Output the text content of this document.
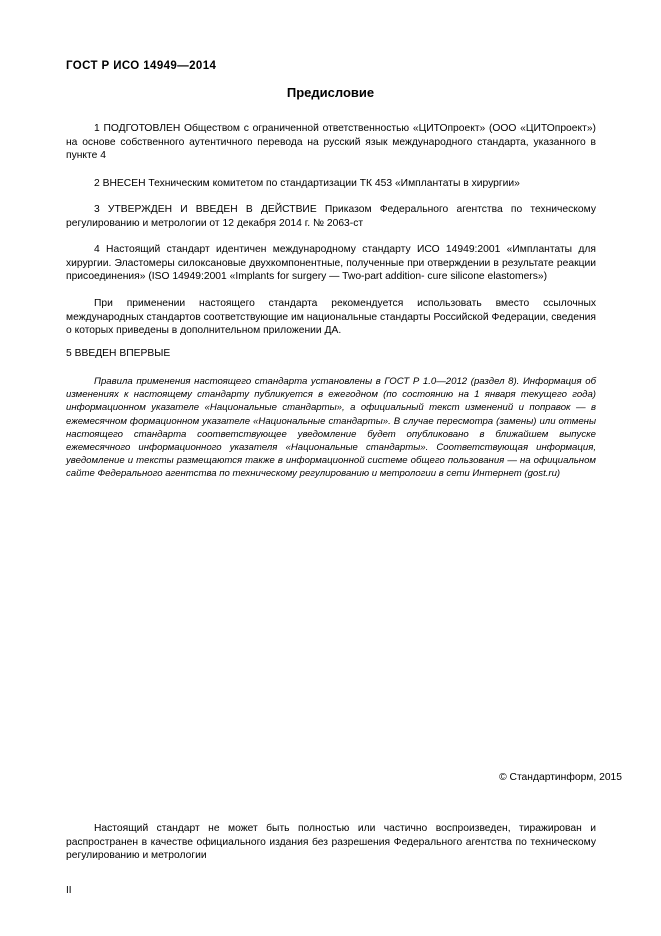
ГОСТ Р ИСО 14949—2014
Предисловие

1 ПОДГОТОВЛЕН Обществом с ограниченной ответственностью «ЦИТОпроект» (ООО «ЦИТОпроект») на основе собственного аутентичного перевода на русский язык международного стандарта, указанного в пункте 4

2 ВНЕСЕН Техническим комитетом по стандартизации ТК 453 «Имплантаты в хирургии»

3 УТВЕРЖДЕН И ВВЕДЕН В ДЕЙСТВИЕ Приказом Федерального агентства по техническому регулированию и метрологии от 12 декабря 2014 г. № 2063-ст

4 Настоящий стандарт идентичен международному стандарту ИСО 14949:2001 «Имплантаты для хирургии. Эластомеры силоксановые двухкомпонентные, полученные при отверждении в результате реакции присоединения» (ISO 14949:2001 «Implants for surgery — Two-part addition- cure silicone elastomers»)

При применении настоящего стандарта рекомендуется использовать вместо ссылочных международных стандартов соответствующие им национальные стандарты Российской Федерации, сведения о которых приведены в дополнительном приложении ДА.

5 ВВЕДЕН ВПЕРВЫЕ

Правила применения настоящего стандарта установлены в ГОСТ Р 1.0—2012 (раздел 8). Информация об изменениях к настоящему стандарту публикуется в ежегодном (по состоянию на 1 января текущего года) информационном указателе «Национальные стандарты», а официальный текст изменений и поправок — в ежемесячном формационном указателе «Национальные стандарты». В случае пересмотра (замены) или отмены настоящего стандарта соответствующее уведомление будет опубликовано в ближайшем выпуске ежемесячного информационного указателя «Национальные стандарты». Соответствующая информация, уведомление и тексты размещаются также в информационной системе общего пользования — на официальном сайте Федерального агентства по техническому регулированию и метрологии в сети Интернет (gost.ru)

© Стандартинформ, 2015

Настоящий стандарт не может быть полностью или частично воспроизведен, тиражирован и распространен в качестве официального издания без разрешения Федерального агентства по техническому регулированию и метрологии

II
